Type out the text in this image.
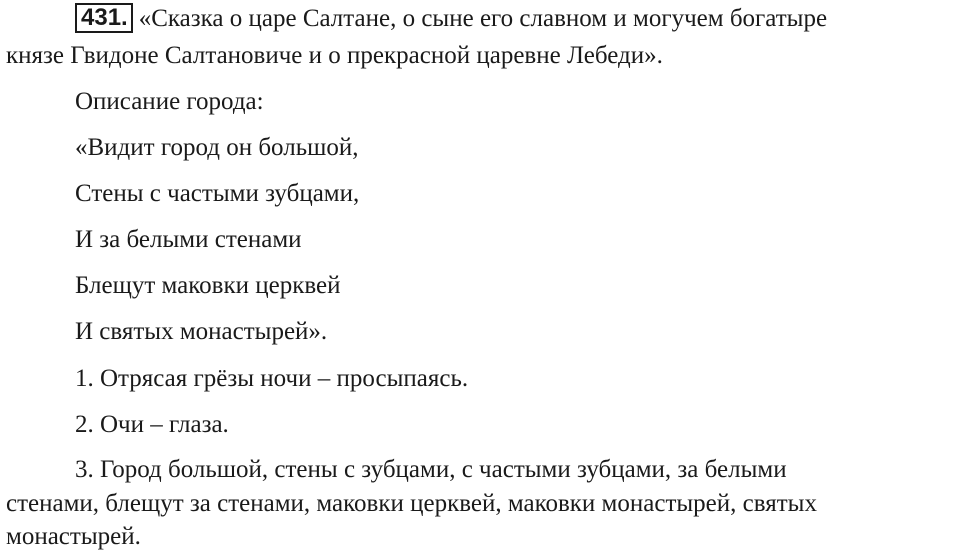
431. «Сказка о царе Салтане, о сыне его славном и могучем богатыре
князе Гвидоне Салтановиче и о прекрасной царевне Лебеди».
Описание города:
«Видит город он большой,
Стены с частыми зубцами,
И за белыми стенами
Блещут маковки церквей
И святых монастырей».
1. Отрясая грёзы ночи – просыпаясь.
2. Очи – глаза.
3. Город большой, стены с зубцами, с частыми зубцами, за белыми
стенами, блещут за стенами, маковки церквей, маковки монастырей, святых
монастырей.
